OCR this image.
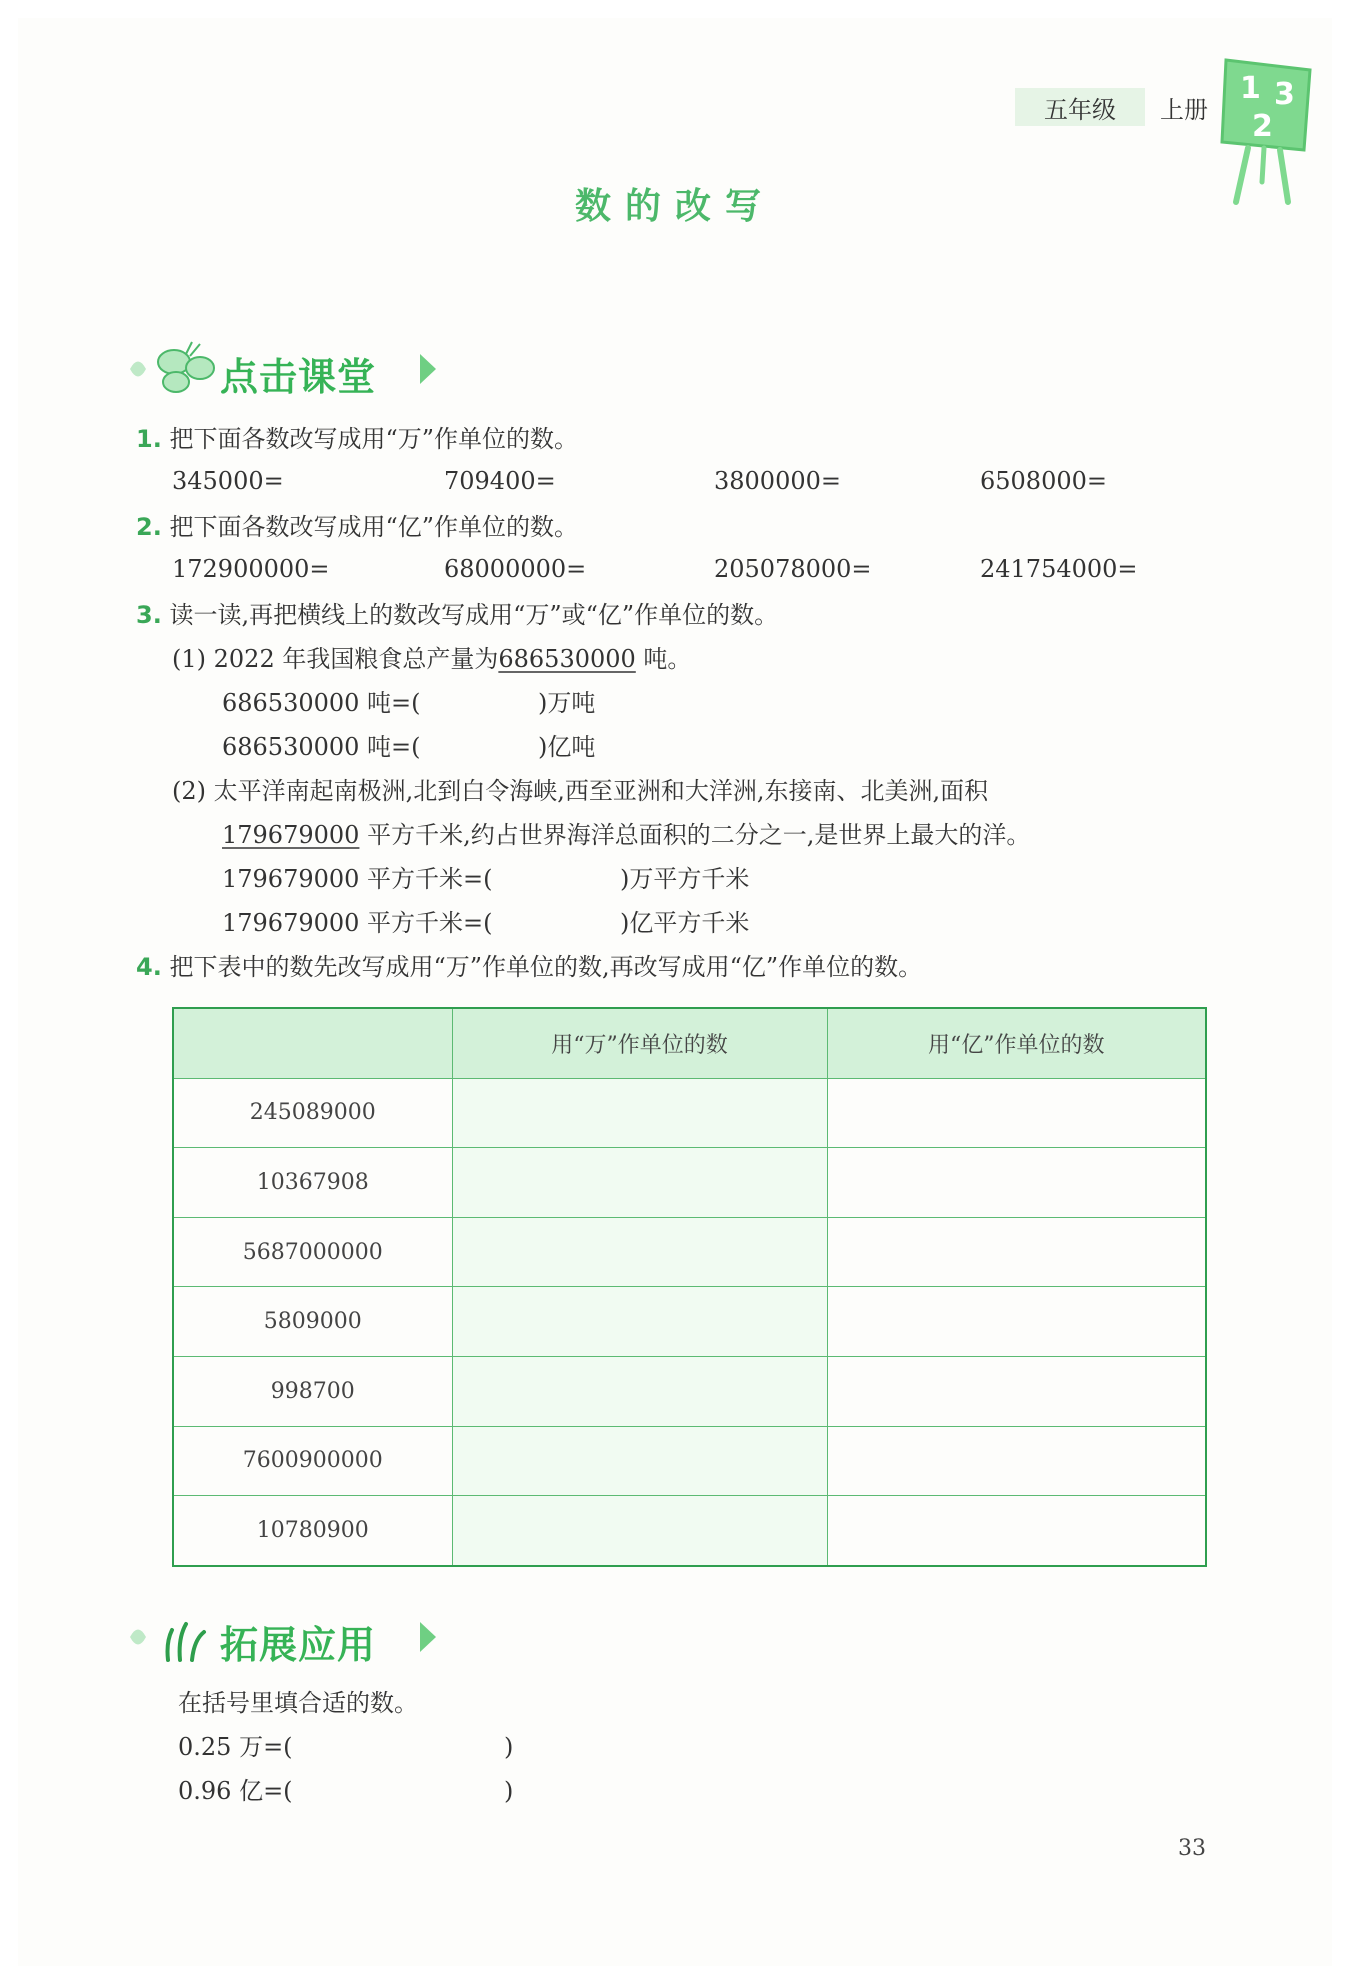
五年级	上册
1 3
2
数的改写
点击课堂
1. 把下面各数改写成用“万”作单位的数。
345000=	709400=	3800000=	6508000=
2. 把下面各数改写成用“亿”作单位的数。
172900000=	68000000=	205078000=	241754000=
3. 读一读,再把横线上的数改写成用“万”或“亿”作单位的数。
(1) 2022 年我国粮食总产量为686530000 吨。
686530000 吨=(	)万吨
686530000 吨=(	)亿吨
(2) 太平洋南起南极洲,北到白令海峡,西至亚洲和大洋洲,东接南、北美洲,面积
179679000 平方千米,约占世界海洋总面积的二分之一,是世界上最大的洋。
179679000 平方千米=(	)万平方千米
179679000 平方千米=(	)亿平方千米
4. 把下表中的数先改写成用“万”作单位的数,再改写成用“亿”作单位的数。
	用“万”作单位的数	用“亿”作单位的数
245089000		
10367908		
5687000000		
5809000		
998700		
7600900000		
10780900		
拓展应用
在括号里填合适的数。
0.25 万=(	)
0.96 亿=(	)
33
